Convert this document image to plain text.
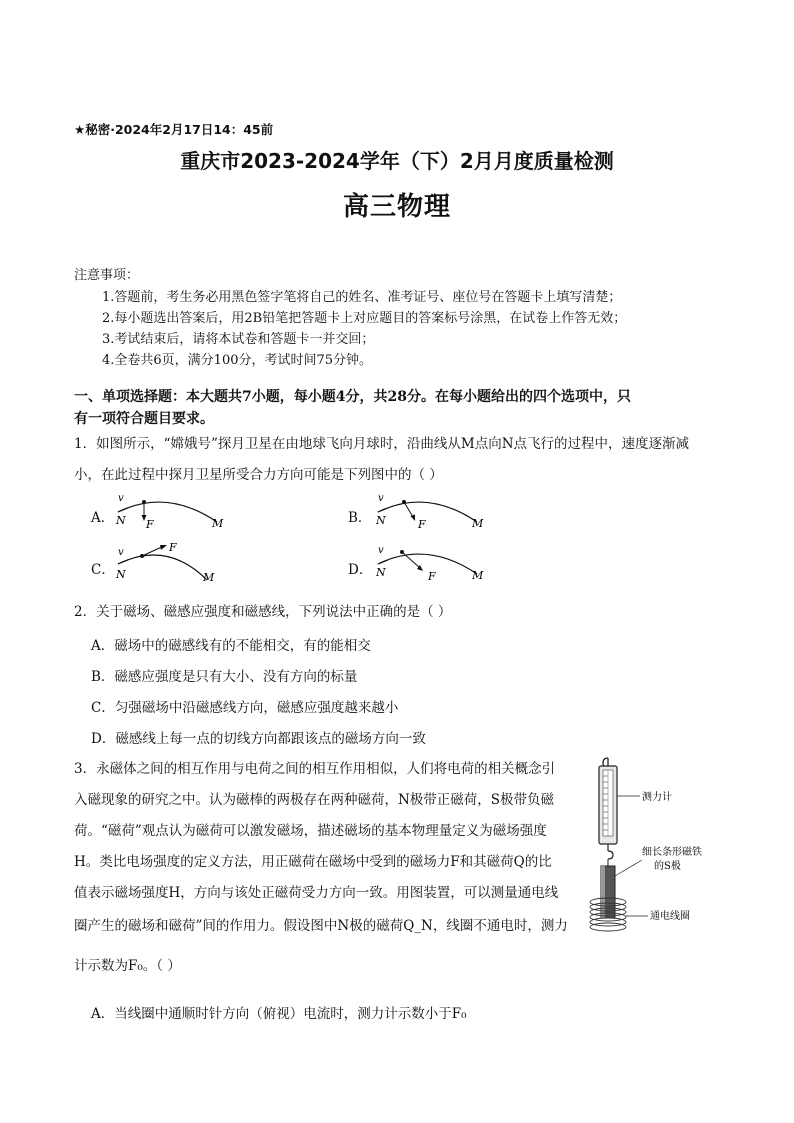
★秘密·2024年2月17日14：45前
重庆市2023-2024学年（下）2月月度质量检测
高三物理
注意事项：
1.答题前，考生务必用黑色签字笔将自己的姓名、准考证号、座位号在答题卡上填写清楚；
2.每小题选出答案后，用2B铅笔把答题卡上对应题目的答案标号涂黑，在试卷上作答无效；
3.考试结束后，请将本试卷和答题卡一并交回；
4.全卷共6页，满分100分，考试时间75分钟。
一、单项选择题：本大题共7小题，每小题4分，共28分。在每小题给出的四个选项中，只
有一项符合题目要求。
1．如图所示，“嫦娥号”探月卫星在由地球飞向月球时，沿曲线从M点向N点飞行的过程中，速度逐渐减
小，在此过程中探月卫星所受合力方向可能是下列图中的（ ）
A．	B．
C．	D．
v
N F	M
v
N	F	M
v
N
F
M
v
N	F	M
2．关于磁场、磁感应强度和磁感线，下列说法中正确的是（ ）
A．磁场中的磁感线有的不能相交，有的能相交
B．磁感应强度是只有大小、没有方向的标量
C．匀强磁场中沿磁感线方向，磁感应强度越来越小
D．磁感线上每一点的切线方向都跟该点的磁场方向一致
3．永磁体之间的相互作用与电荷之间的相互作用相似，人们将电荷的相关概念引
入磁现象的研究之中。认为磁棒的两极存在两种磁荷，N极带正磁荷，S极带负磁
荷。“磁荷”观点认为磁荷可以激发磁场，描述磁场的基本物理量定义为磁场强度
H。类比电场强度的定义方法，用正磁荷在磁场中受到的磁场力F和其磁荷Q的比
值表示磁场强度H，方向与该处正磁荷受力方向一致。用图装置，可以测量通电线
圈产生的磁场和磁荷”间的作用力。假设图中N极的磁荷Q_N，线圈不通电时，测力
计示数为F₀。（ ）
A．当线圈中通顺时针方向（俯视）电流时，测力计示数小于F₀
测力计
细长条形磁铁
的S极
通电线圈
